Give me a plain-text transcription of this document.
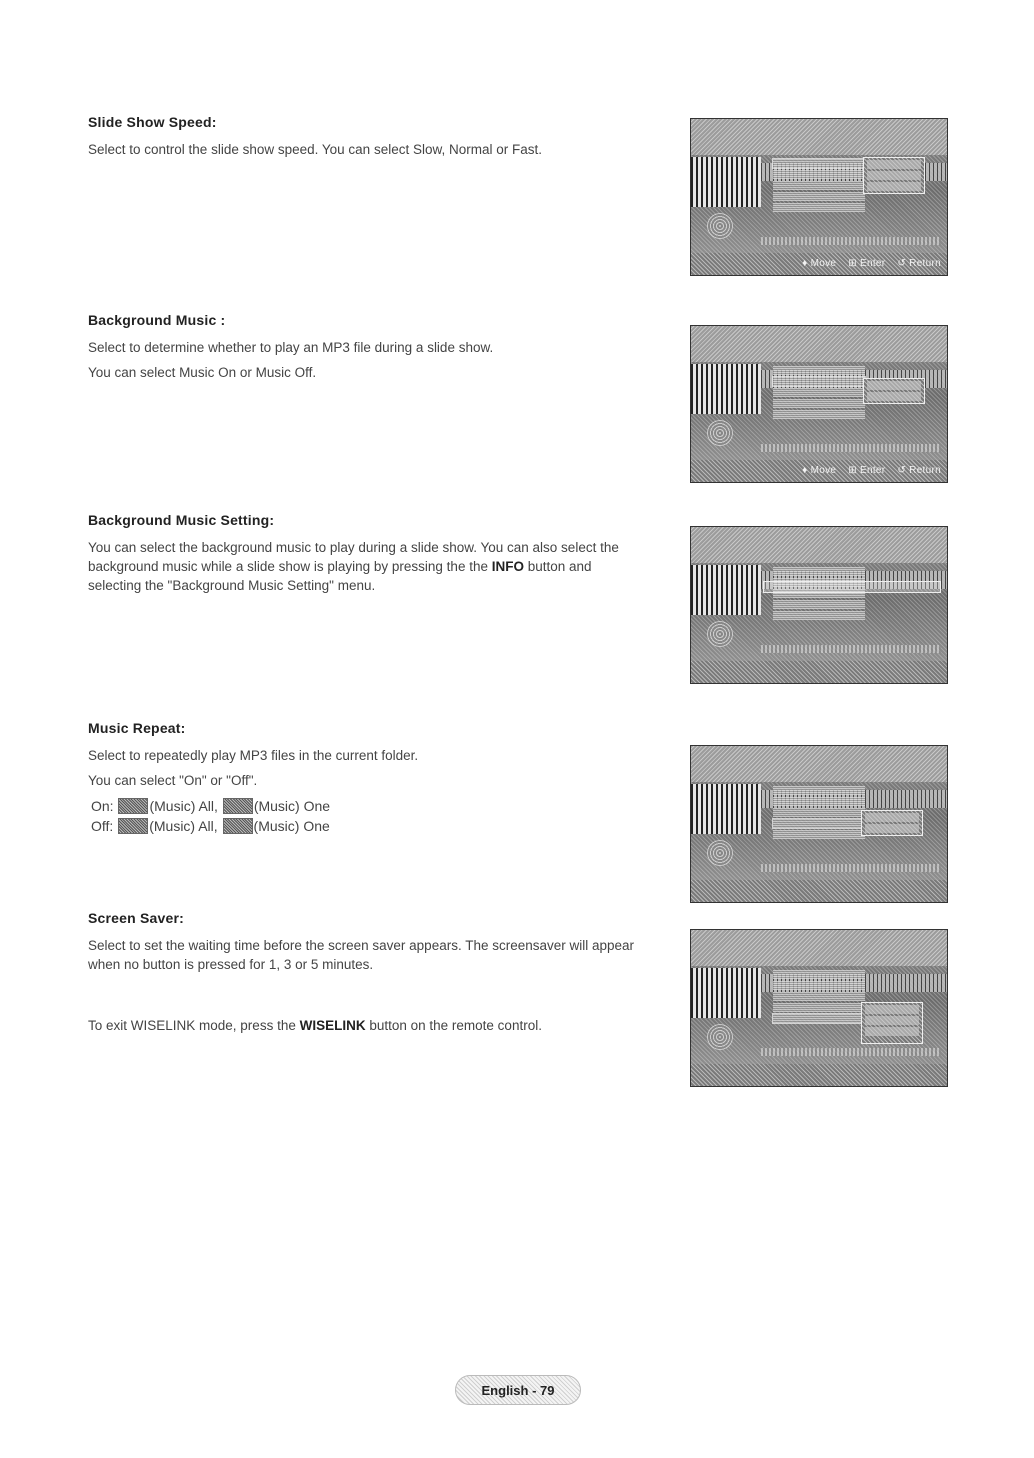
Slide Show Speed:

Select to control the slide show speed. You can select Slow, Normal or Fast.

Background Music :

Select to determine whether to play an MP3 file during a slide show.

You can select Music On or Music Off.

Background Music Setting:

You can select the background music to play during a slide show. You can also select the background music while a slide show is playing by pressing the the INFO button and selecting the "Background Music Setting" menu.

Music Repeat:

Select to repeatedly play MP3 files in the current folder.

You can select "On" or "Off".

On:	(Music) All,	(Music) One
Off:	(Music) All,	(Music) One
Screen Saver:

Select to set the waiting time before the screen saver appears. The screensaver will appear when no button is pressed for 1, 3 or 5 minutes.

To exit WISELINK mode, press the WISELINK button on the remote control.

♦ Move ⊞ Enter ↺ Return
♦ Move ⊞ Enter ↺ Return
English - 79
